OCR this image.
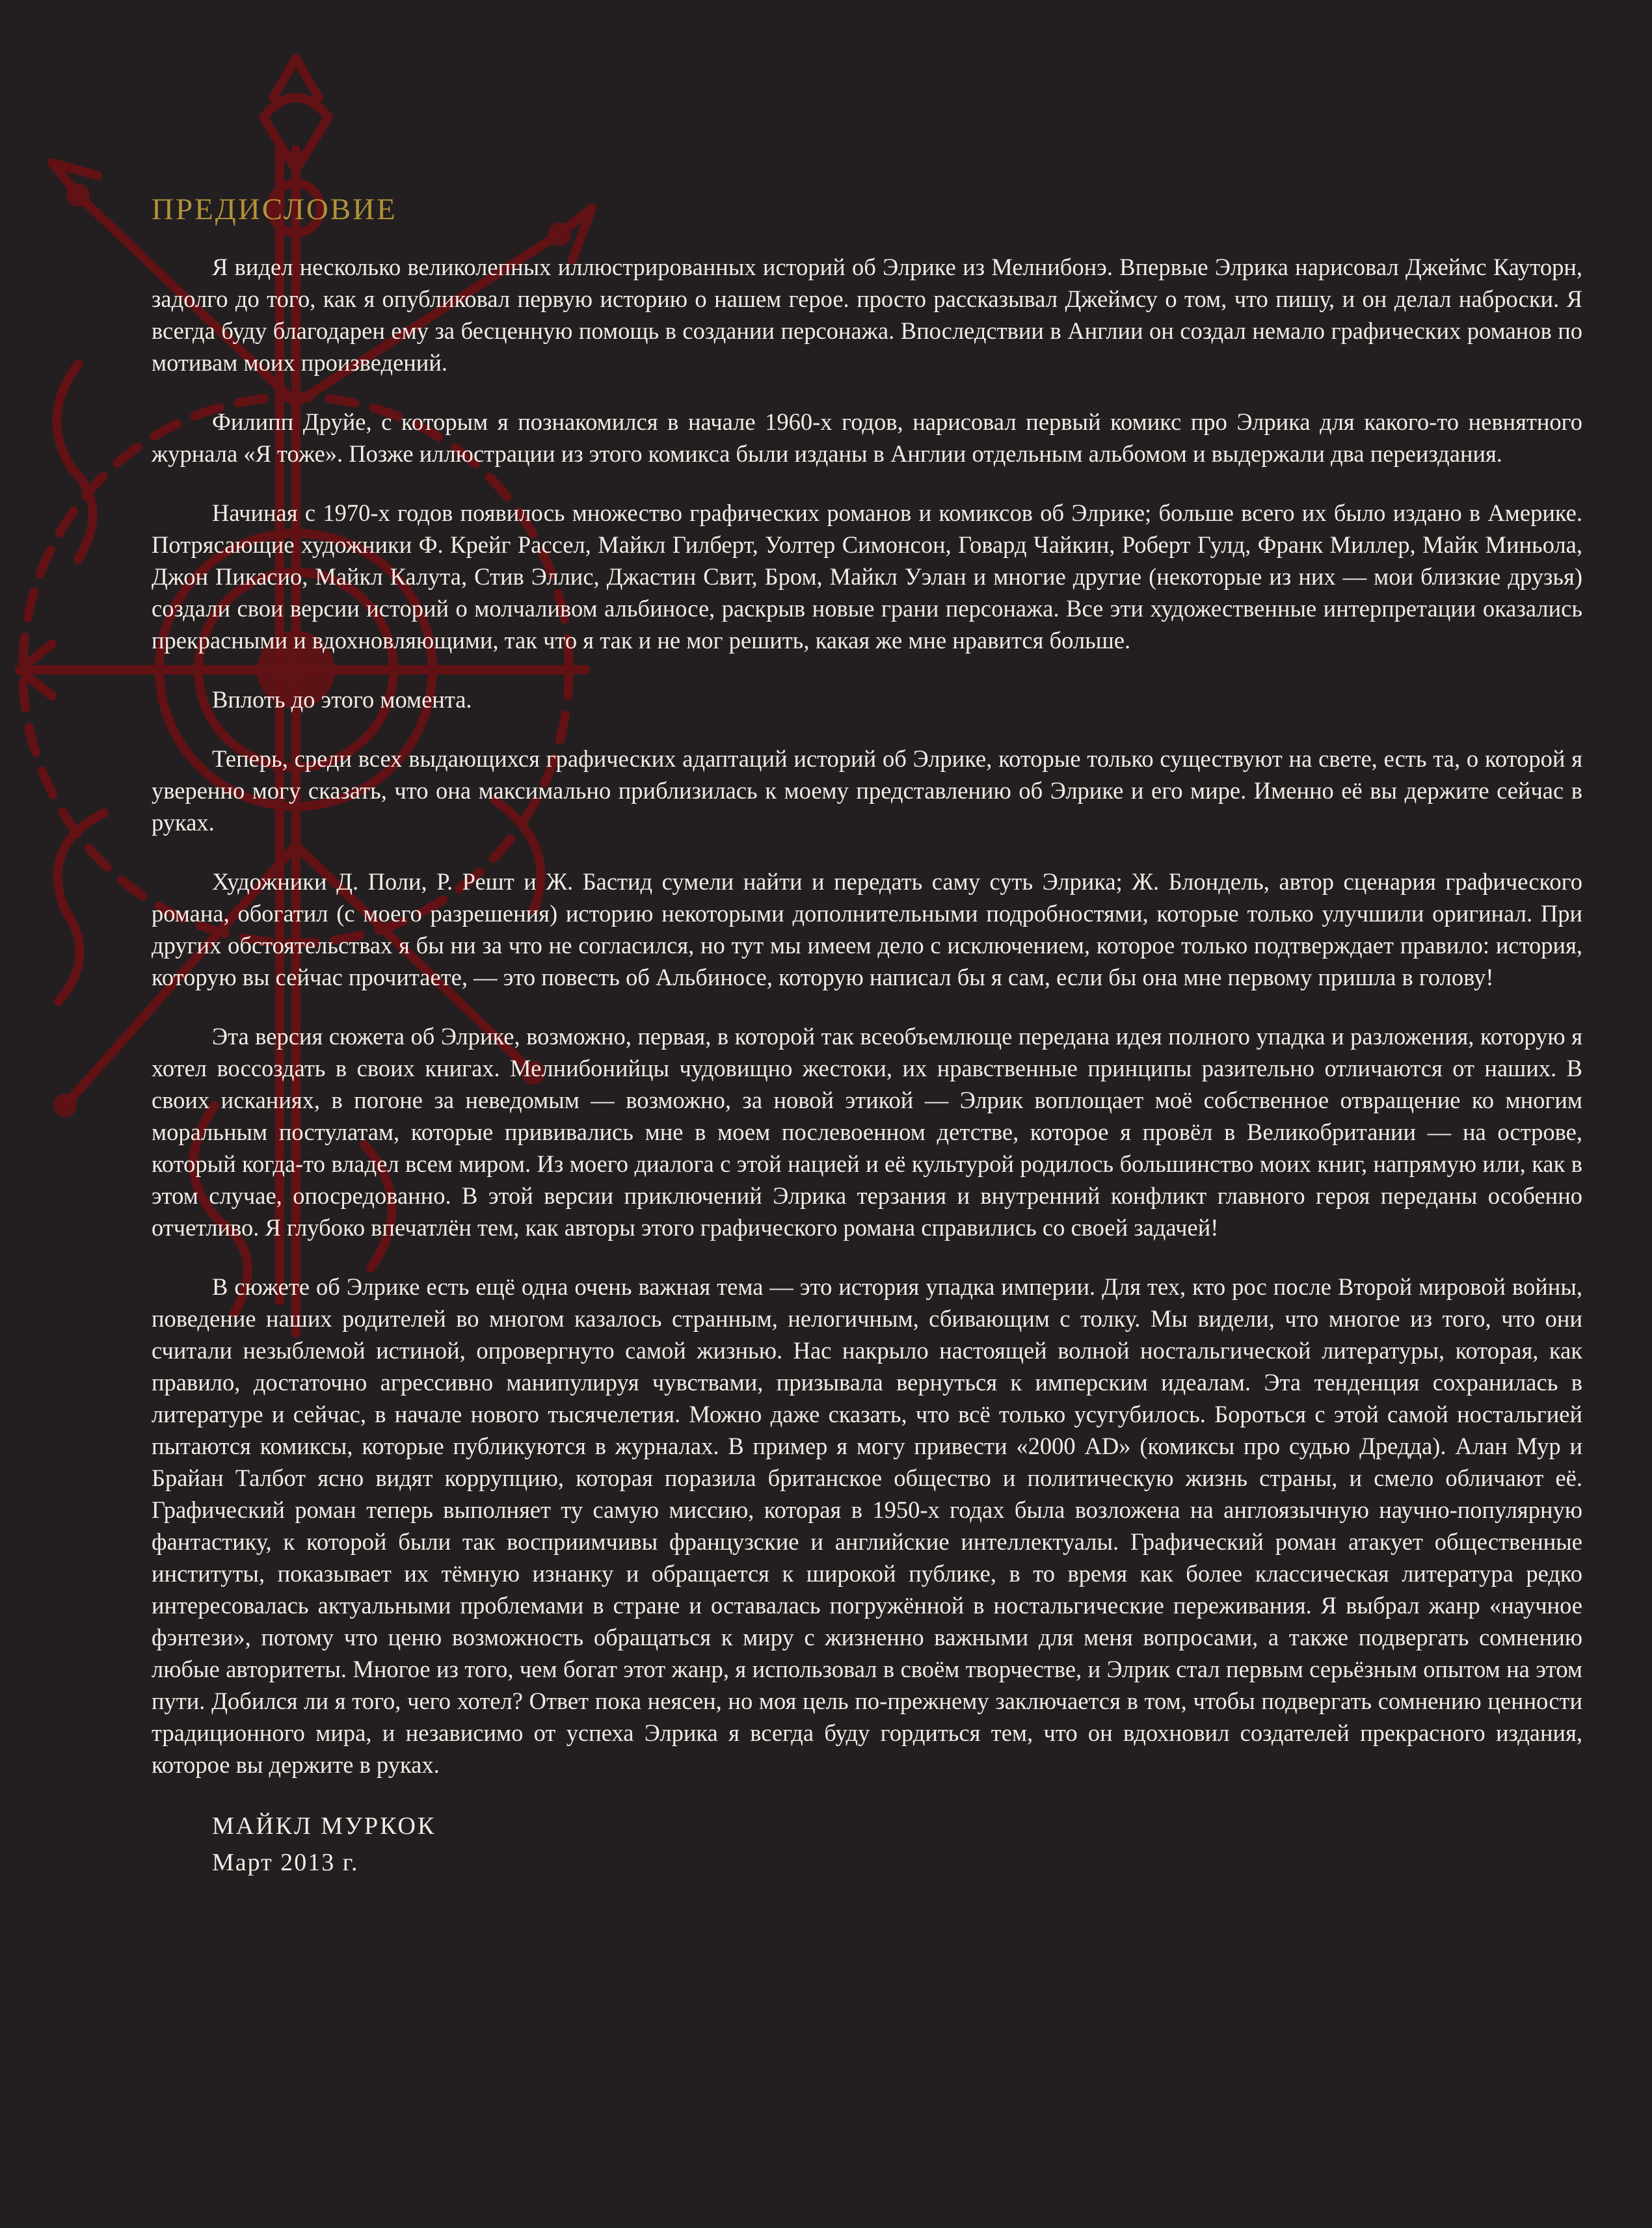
ПРЕДИСЛОВИЕ

Я видел несколько великолепных иллюстрированных историй об Элрике из Мелнибонэ. Впервые Элрика нарисовал Джеймс Кауторн, задолго до того, как я опубликовал первую историю о нашем герое. просто рассказывал Джеймсу о том, что пишу, и он делал наброски. Я всегда буду благодарен ему за бесценную помощь в создании персонажа. Впоследствии в Англии он создал немало графических романов по мотивам моих произведений.

Филипп Друйе, с которым я познакомился в начале 1960-х годов, нарисовал первый комикс про Элрика для какого-то невнятного журнала «Я тоже». Позже иллюстрации из этого комикса были изданы в Англии отдельным альбомом и выдержали два переиздания.

Начиная с 1970-х годов появилось множество графических романов и комиксов об Элрике; больше всего их было издано в Америке. Потрясающие художники Ф. Крейг Рассел, Майкл Гилберт, Уолтер Симонсон, Говард Чайкин, Роберт Гулд, Франк Миллер, Майк Миньола, Джон Пикасио, Майкл Калута, Стив Эллис, Джастин Свит, Бром, Майкл Уэлан и многие другие (некоторые из них — мои близкие друзья) создали свои версии историй о молчаливом альбиносе, раскрыв новые грани персонажа. Все эти художественные интерпретации оказались прекрасными и вдохновляющими, так что я так и не мог решить, какая же мне нравится больше.

Вплоть до этого момента.

Теперь, среди всех выдающихся графических адаптаций историй об Элрике, которые только существуют на свете, есть та, о которой я уверенно могу сказать, что она максимально приблизилась к моему представлению об Элрике и его мире. Именно её вы держите сейчас в руках.

Художники Д. Поли, Р. Решт и Ж. Бастид сумели найти и передать саму суть Элрика; Ж. Блондель, автор сценария графического романа, обогатил (с моего разрешения) историю некоторыми дополнительными подробностями, которые только улучшили оригинал. При других обстоятельствах я бы ни за что не согласился, но тут мы имеем дело с исключением, которое только подтверждает правило: история, которую вы сейчас прочитаете, — это повесть об Альбиносе, которую написал бы я сам, если бы она мне первому пришла в голову!

Эта версия сюжета об Элрике, возможно, первая, в которой так всеобъемлюще передана идея полного упадка и разложения, которую я хотел воссоздать в своих книгах. Мелнибонийцы чудовищно жестоки, их нравственные принципы разительно отличаются от наших. В своих исканиях, в погоне за неведомым — возможно, за новой этикой — Элрик воплощает моё собственное отвращение ко многим моральным постулатам, которые прививались мне в моем послевоенном детстве, которое я провёл в Великобритании — на острове, который когда-то владел всем миром. Из моего диалога с этой нацией и её культурой родилось большинство моих книг, напрямую или, как в этом случае, опосредованно. В этой версии приключений Элрика терзания и внутренний конфликт главного героя переданы особенно отчетливо. Я глубоко впечатлён тем, как авторы этого графического романа справились со своей задачей!

В сюжете об Элрике есть ещё одна очень важная тема — это история упадка империи. Для тех, кто рос после Второй мировой войны, поведение наших родителей во многом казалось странным, нелогичным, сбивающим с толку. Мы видели, что многое из того, что они считали незыблемой истиной, опровергнуто самой жизнью. Нас накрыло настоящей волной ностальгической литературы, которая, как правило, достаточно агрессивно манипулируя чувствами, призывала вернуться к имперским идеалам. Эта тенденция сохранилась в литературе и сейчас, в начале нового тысячелетия. Можно даже сказать, что всё только усугубилось. Бороться с этой самой ностальгией пытаются комиксы, которые публикуются в журналах. В пример я могу привести «2000 AD» (комиксы про судью Дредда). Алан Мур и Брайан Талбот ясно видят коррупцию, которая поразила британское общество и политическую жизнь страны, и смело обличают её. Графический роман теперь выполняет ту самую миссию, которая в 1950-х годах была возложена на англоязычную научно-популярную фантастику, к которой были так восприимчивы французские и английские интеллектуалы. Графический роман атакует общественные институты, показывает их тёмную изнанку и обращается к широкой публике, в то время как более классическая литература редко интересовалась актуальными проблемами в стране и оставалась погружённой в ностальгические переживания. Я выбрал жанр «научное фэнтези», потому что ценю возможность обращаться к миру с жизненно важными для меня вопросами, а также подвергать сомнению любые авторитеты. Многое из того, чем богат этот жанр, я использовал в своём творчестве, и Элрик стал первым серьёзным опытом на этом пути. Добился ли я того, чего хотел? Ответ пока неясен, но моя цель по-прежнему заключается в том, чтобы подвергать сомнению ценности традиционного мира, и независимо от успеха Элрика я всегда буду гордиться тем, что он вдохновил создателей прекрасного издания, которое вы держите в руках.

МАЙКЛ МУРКОК
Март 2013 г.
